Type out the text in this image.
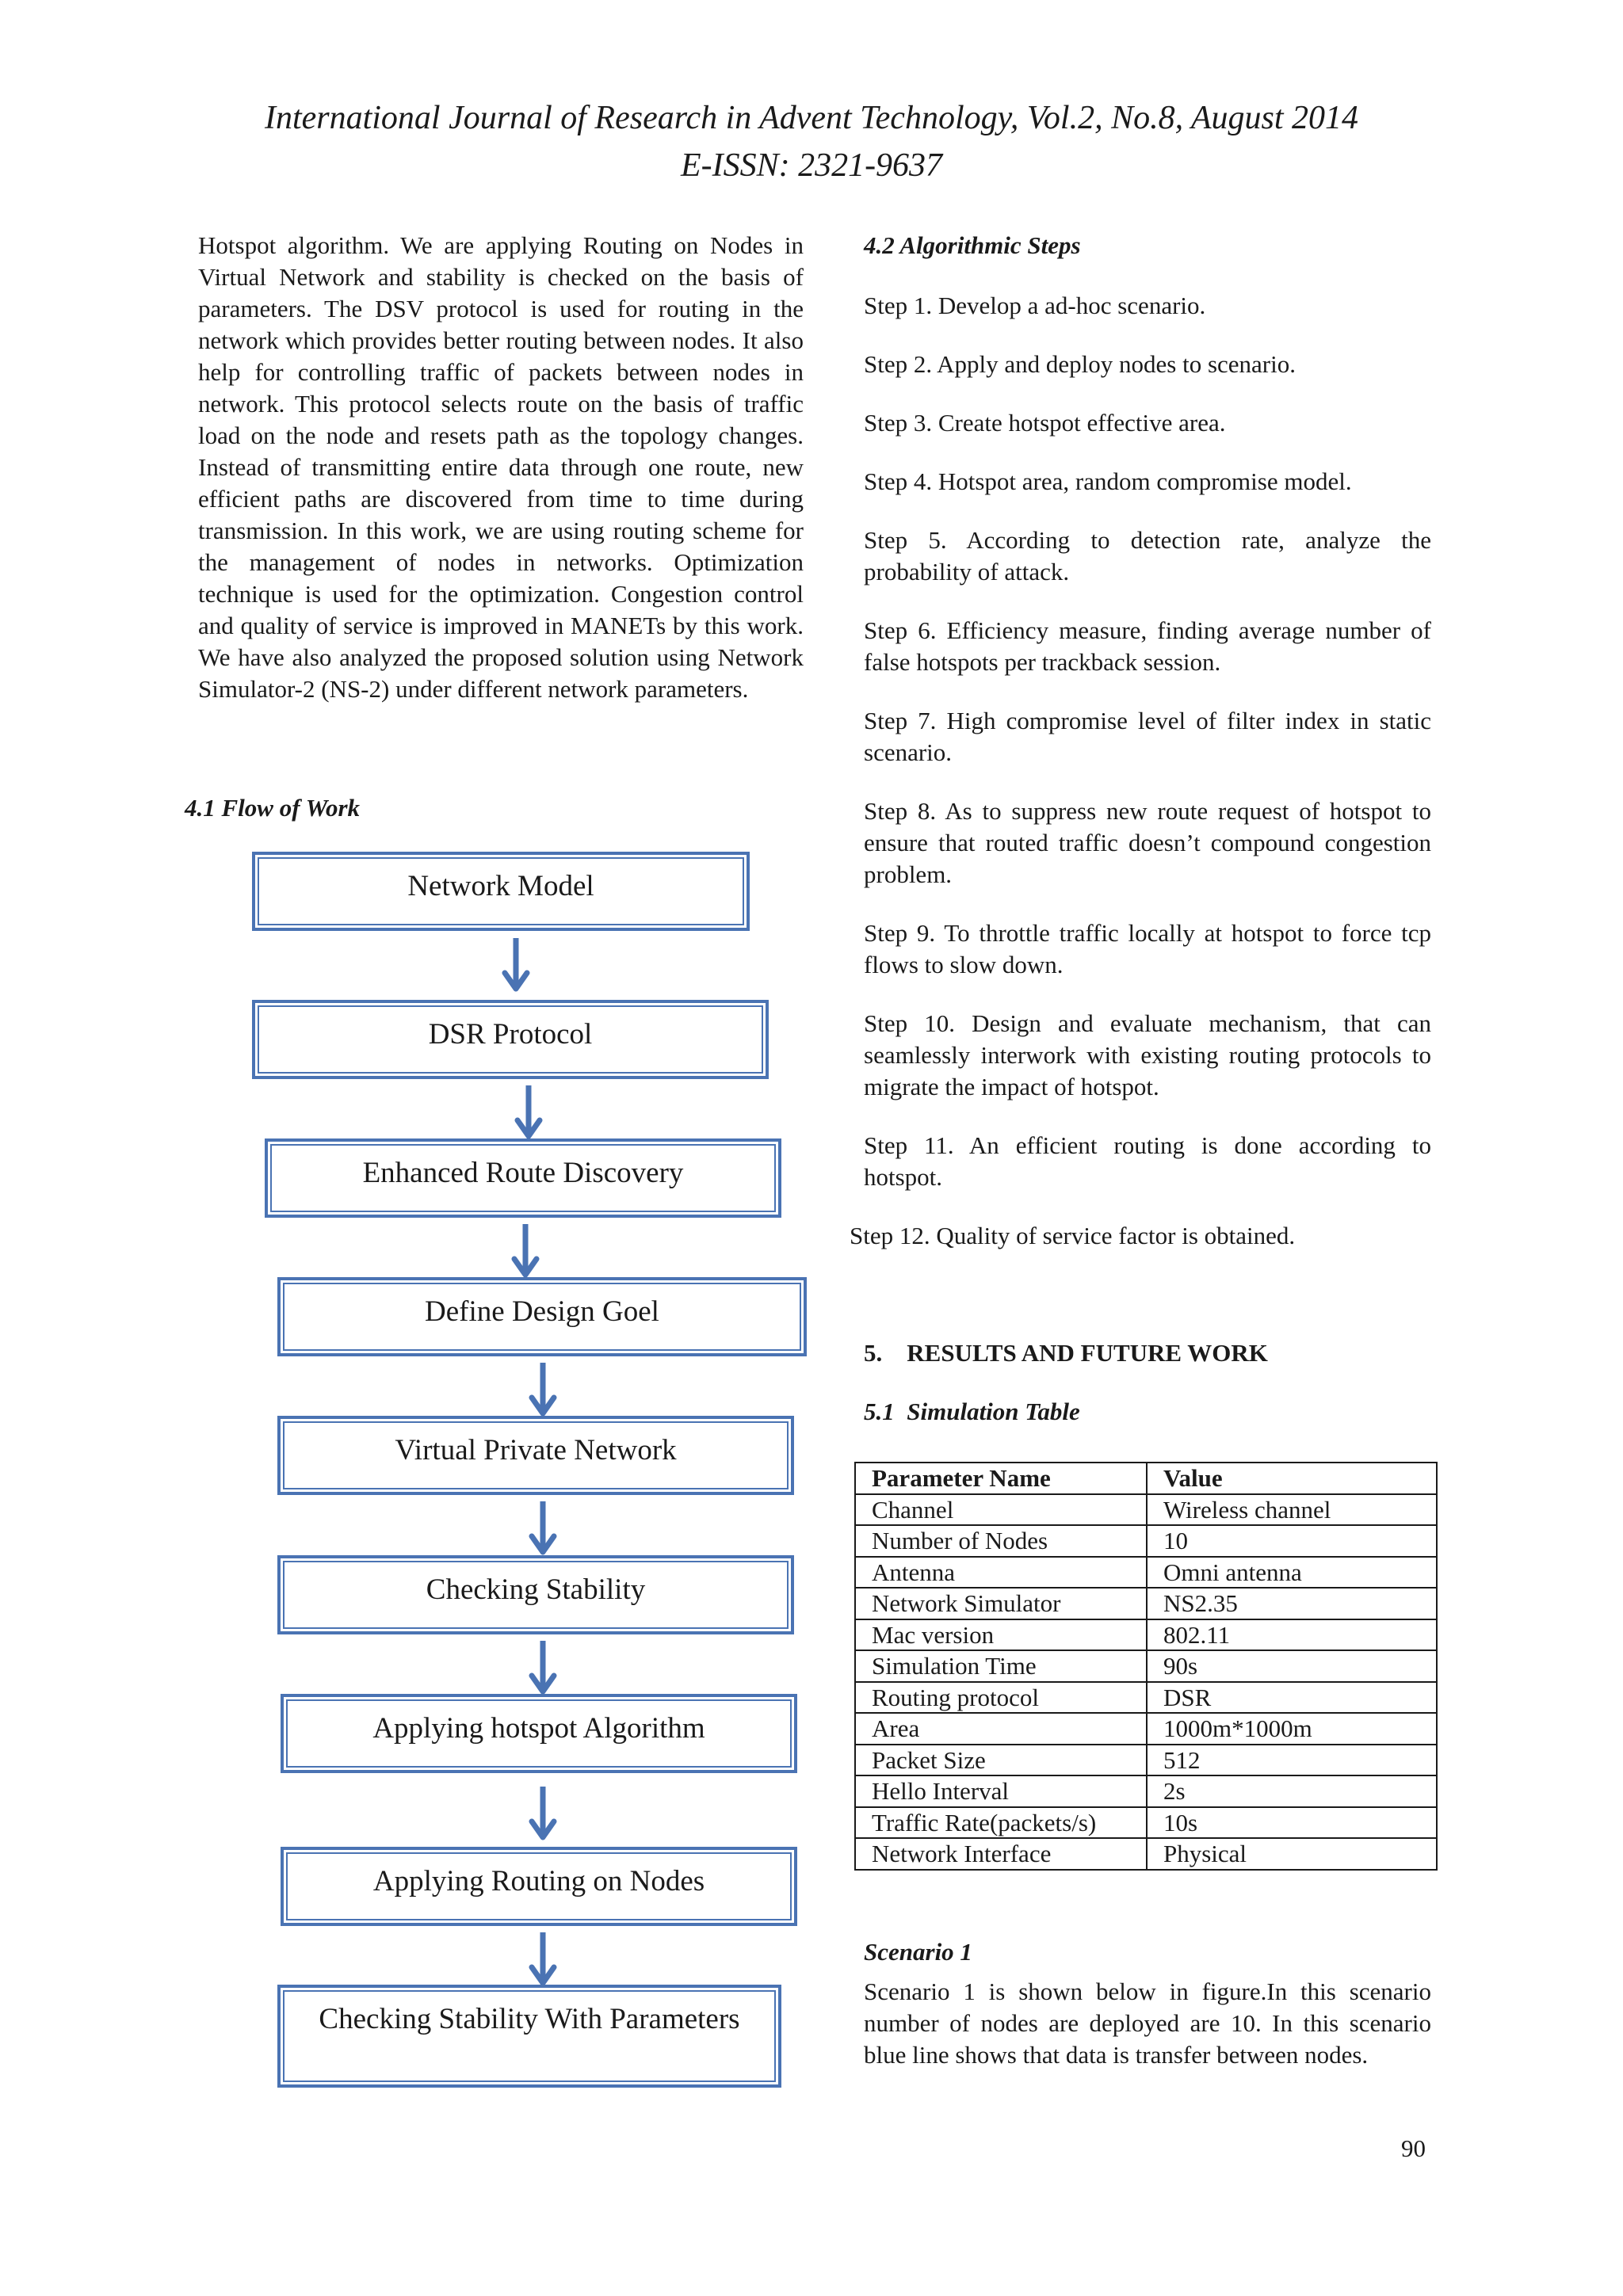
International Journal of Research in Advent Technology, Vol.2, No.8, August 2014
E-ISSN: 2321-9637

Hotspot algorithm. We are applying Routing on Nodes in Virtual Network and stability is checked on the basis of parameters. The DSV protocol is used for routing in the network which provides better routing between nodes. It also help for controlling traffic of packets between nodes in network. This protocol selects route on the basis of traffic load on the node and resets path as the topology changes. Instead of transmitting entire data through one route, new efficient paths are discovered from time to time during transmission. In this work, we are using routing scheme for the management of nodes in networks. Optimization technique is used for the optimization. Congestion control and quality of service is improved in MANETs by this work. We have also analyzed the proposed solution using Network Simulator-2 (NS-2) under different network parameters.

4.1 Flow of Work
Network Model
DSR Protocol
Enhanced Route Discovery
Define Design Goel
Virtual Private Network
Checking Stability
Applying hotspot Algorithm
Applying Routing on Nodes
Checking Stability With Parameters
4.2 Algorithmic Steps
Step 1. Develop a ad-hoc scenario.
Step 2. Apply and deploy nodes to scenario.
Step 3. Create hotspot effective area.
Step 4. Hotspot area, random compromise model.
Step 5. According to detection rate, analyze the probability of attack.
Step 6. Efficiency measure, finding average number of false hotspots per trackback session.
Step 7. High compromise level of filter index in static scenario.
Step 8. As to suppress new route request of hotspot to ensure that routed traffic doesn’t compound congestion problem.
Step 9. To throttle traffic locally at hotspot to force tcp flows to slow down.
Step 10. Design and evaluate mechanism, that can seamlessly interwork with existing routing protocols to migrate the impact of hotspot.
Step 11. An efficient routing is done according to hotspot.
Step 12. Quality of service factor is obtained.
5.    RESULTS AND FUTURE WORK
5.1  Simulation Table
Parameter Name	Value
Channel	Wireless channel
Number of Nodes	10
Antenna	Omni antenna
Network Simulator	NS2.35
Mac version	802.11
Simulation Time	90s
Routing protocol	DSR
Area	1000m*1000m
Packet Size	512
Hello Interval	2s
Traffic Rate(packets/s)	10s
Network Interface	Physical
Scenario 1

Scenario 1 is shown below in figure.In this scenario number of nodes are deployed are 10. In this scenario blue line shows that data is transfer between nodes.

90
